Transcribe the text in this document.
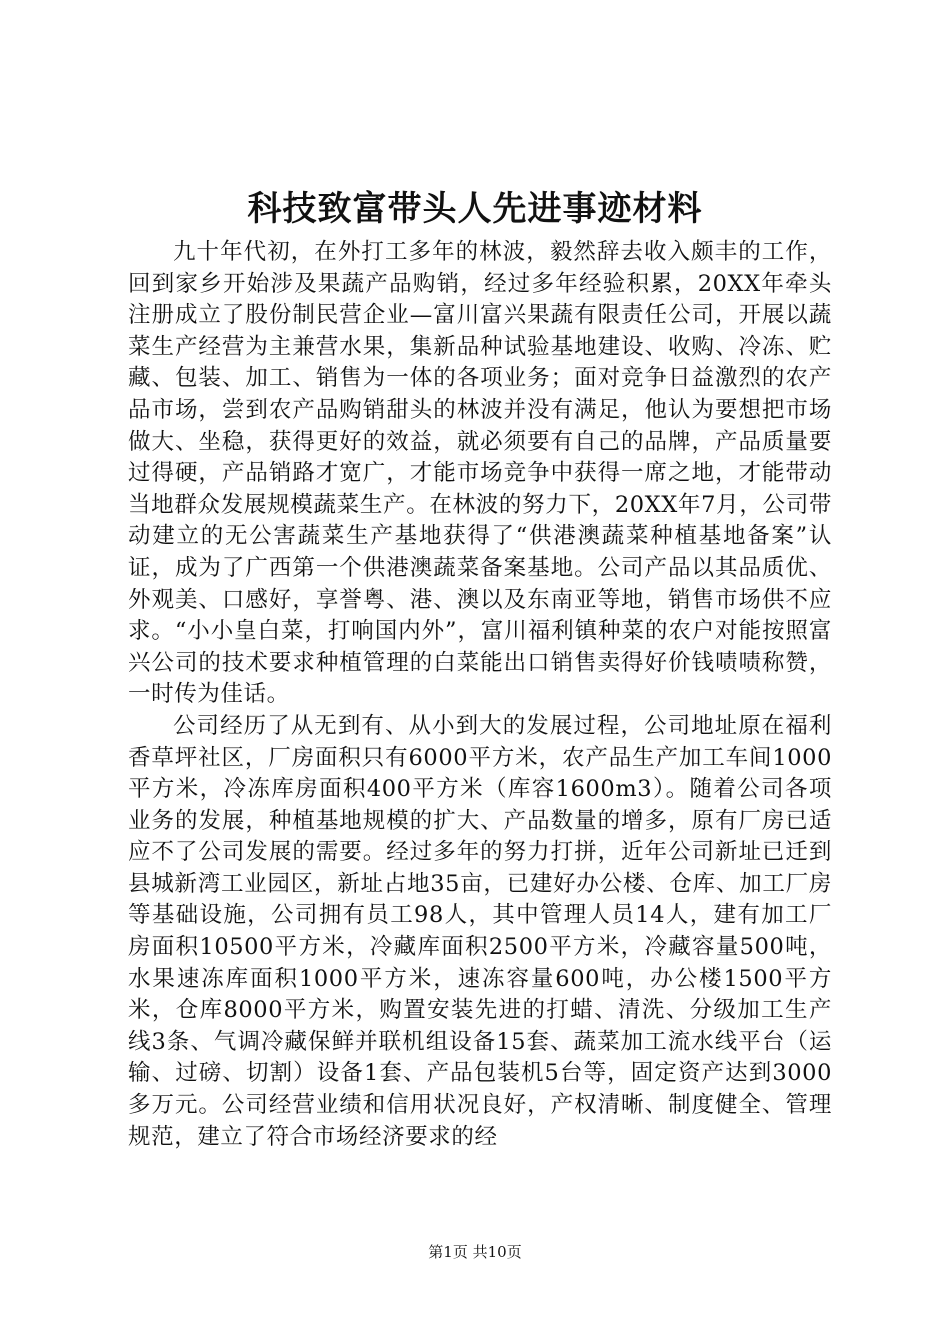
科技致富带头人先进事迹材料

九十年代初，在外打工多年的林波，毅然辞去收入颇丰的工作，回到家乡开始涉及果蔬产品购销，经过多年经验积累，20XX年牵头注册成立了股份制民营企业—富川富兴果蔬有限责任公司，开展以蔬菜生产经营为主兼营水果，集新品种试验基地建设、收购、冷冻、贮藏、包装、加工、销售为一体的各项业务；面对竞争日益激烈的农产品市场，尝到农产品购销甜头的林波并没有满足，他认为要想把市场做大、坐稳，获得更好的效益，就必须要有自己的品牌，产品质量要过得硬，产品销路才宽广，才能市场竞争中获得一席之地，才能带动当地群众发展规模蔬菜生产。在林波的努力下，20XX年7月，公司带动建立的无公害蔬菜生产基地获得了“供港澳蔬菜种植基地备案”认证，成为了广西第一个供港澳蔬菜备案基地。公司产品以其品质优、外观美、口感好，享誉粤、港、澳以及东南亚等地，销售市场供不应求。“小小皇白菜，打响国内外”，富川福利镇种菜的农户对能按照富兴公司的技术要求种植管理的白菜能出口销售卖得好价钱啧啧称赞，一时传为佳话。

公司经历了从无到有、从小到大的发展过程，公司地址原在福利香草坪社区，厂房面积只有6000平方米，农产品生产加工车间1000平方米，冷冻库房面积400平方米（库容1600m3）。随着公司各项业务的发展，种植基地规模的扩大、产品数量的增多，原有厂房已适应不了公司发展的需要。经过多年的努力打拼，近年公司新址已迁到县城新湾工业园区，新址占地35亩，已建好办公楼、仓库、加工厂房等基础设施，公司拥有员工98人，其中管理人员14人，建有加工厂房面积10500平方米，冷藏库面积2500平方米，冷藏容量500吨，水果速冻库面积1000平方米，速冻容量600吨，办公楼1500平方米，仓库8000平方米，购置安装先进的打蜡、清洗、分级加工生产线3条、气调冷藏保鲜并联机组设备15套、蔬菜加工流水线平台（运输、过磅、切割）设备1套、产品包装机5台等，固定资产达到3000多万元。公司经营业绩和信用状况良好，产权清晰、制度健全、管理规范，建立了符合市场经济要求的经

第1页 共10页
